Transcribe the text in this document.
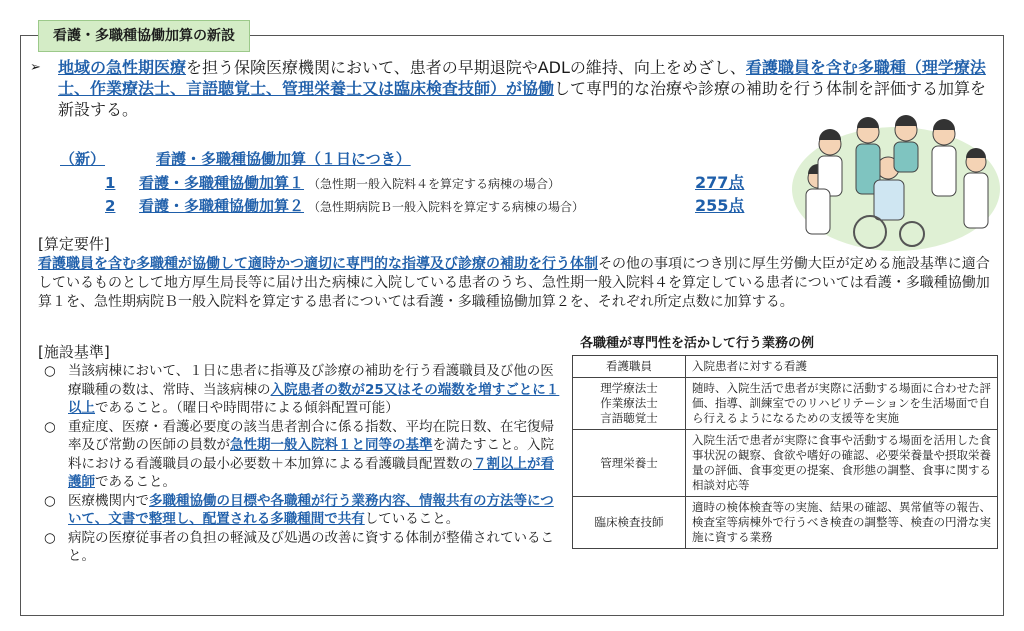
看護・多職種協働加算の新設
➢ 地域の急性期医療を担う保険医療機関において、患者の早期退院やADLの維持、向上をめざし、看護職員を含む多職種（理学療法士、作業療法士、言語聴覚士、管理栄養士又は臨床検査技師）が協働して専門的な治療や診療の補助を行う体制を評価する加算を新設する。
（新）	看護・多職種協働加算（１日につき）
1 看護・多職種協働加算１ （急性期一般入院料４を算定する病棟の場合）	277点
2 看護・多職種協働加算２ （急性期病院Ｂ一般入院料を算定する病棟の場合）	255点
[算定要件]
看護職員を含む多職種が協働して適時かつ適切に専門的な指導及び診療の補助を行う体制その他の事項につき別に厚生労働大臣が定める施設基準に適合しているものとして地方厚生局長等に届け出た病棟に入院している患者のうち、急性期一般入院料４を算定している患者については看護・多職種協働加算１を、急性期病院Ｂ一般入院料を算定する患者については看護・多職種協働加算２を、それぞれ所定点数に加算する。
[施設基準]
○ 当該病棟において、１日に患者に指導及び診療の補助を行う看護職員及び他の医療職種の数は、常時、当該病棟の入院患者の数が25又はその端数を増すごとに１以上であること。（曜日や時間帯による傾斜配置可能）
○ 重症度、医療・看護必要度の該当患者割合に係る指数、平均在院日数、在宅復帰率及び常勤の医師の員数が急性期一般入院料１と同等の基準を満たすこと。入院料における看護職員の最小必要数＋本加算による看護職員配置数の７割以上が看護師であること。
○ 医療機関内で多職種協働の目標や各職種が行う業務内容、情報共有の方法等について、文書で整理し、配置される多職種間で共有していること。
○ 病院の医療従事者の負担の軽減及び処遇の改善に資する体制が整備されていること。
各職種が専門性を活かして行う業務の例
看護職員	入院患者に対する看護
理学療法士
作業療法士
言語聴覚士	随時、入院生活で患者が実際に活動する場面に合わせた評価、指導、訓練室でのリハビリテーションを生活場面で自ら行えるようになるための支援等を実施
管理栄養士	入院生活で患者が実際に食事や活動する場面を活用した食事状況の観察、食欲や嗜好の確認、必要栄養量や摂取栄養量の評価、食事変更の提案、食形態の調整、食事に関する相談対応等
臨床検査技師	適時の検体検査等の実施、結果の確認、異常値等の報告、検査室等病棟外で行うべき検査の調整等、検査の円滑な実施に資する業務
